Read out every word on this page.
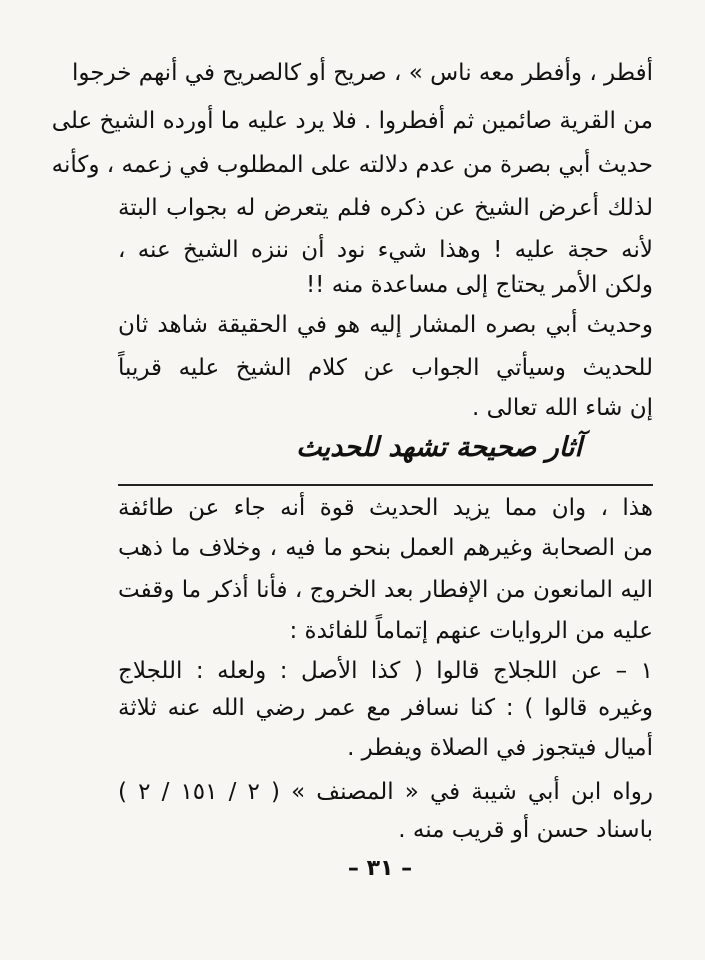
أفطر ، وأفطر معه ناس » ، صريح أو كالصريح في أنهم خرجوا
من القرية صائمين ثم أفطروا . فلا يرد عليه ما أورده الشيخ على
حديث أبي بصرة من عدم دلالته على المطلوب في زعمه ، وكأنه
لذلك أعرض الشيخ عن ذكره فلم يتعرض له بجواب البتة
لأنه حجة عليه ! وهذا شيء نود أن ننزه الشيخ عنه ،
ولكن الأمر يحتاج إلى مساعدة منه !!
وحديث أبي بصره المشار إليه هو في الحقيقة شاهد ثان
للحديث وسيأتي الجواب عن كلام الشيخ عليه قريباً
إن شاء الله تعالى .
هذا ، وان مما يزيد الحديث قوة أنه جاء عن طائفة
من الصحابة وغيرهم العمل بنحو ما فيه ، وخلاف ما ذهب
اليه المانعون من الإفطار بعد الخروج ، فأنا أذكر ما وقفت
عليه من الروايات عنهم إتماماً للفائدة :
١ – عن اللجلاج قالوا ( كذا الأصل : ولعله : اللجلاج
وغيره قالوا ) : كنا نسافر مع عمر رضي الله عنه ثلاثة
أميال فيتجوز في الصلاة ويفطر .
رواه ابن أبي شيبة في « المصنف » ( ٢ / ١٥١ / ٢ )
باسناد حسن أو قريب منه .
آثار صحيحة تشهد للحديث
– ٣١ –
